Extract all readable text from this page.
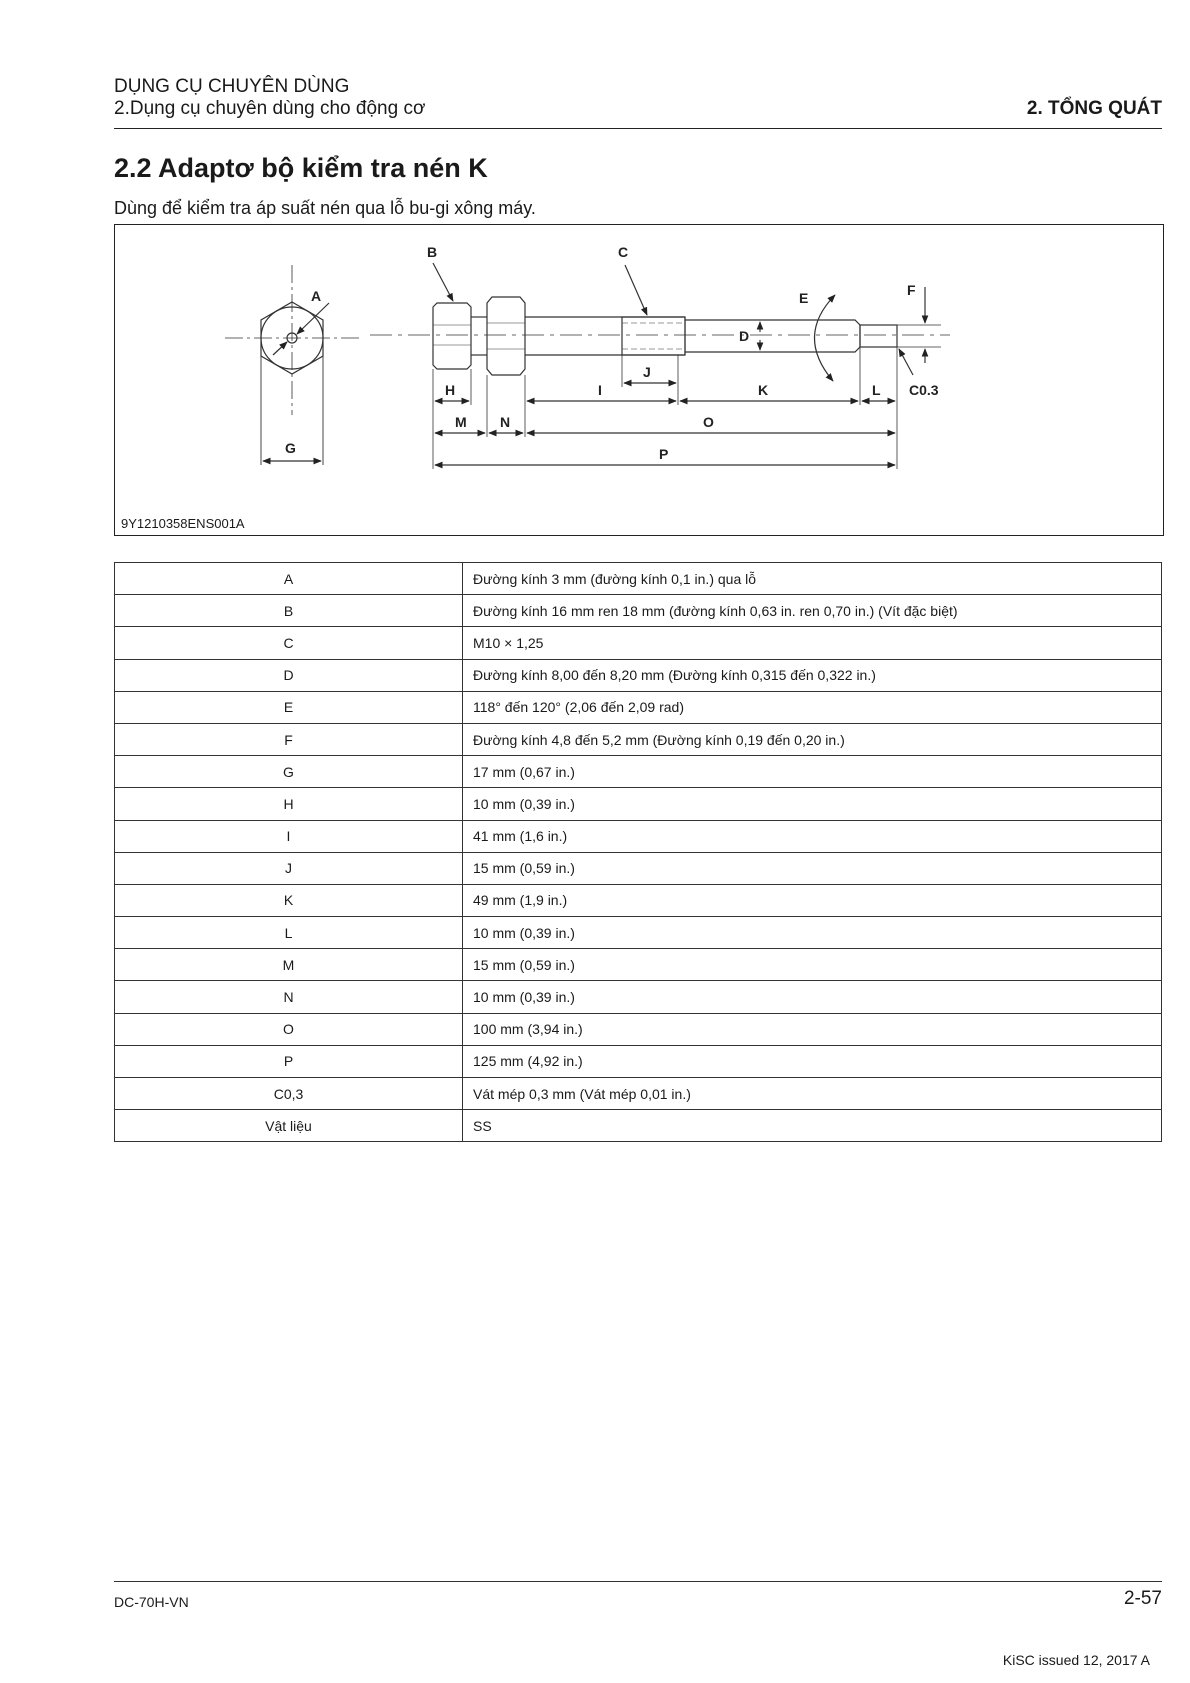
DỤNG CỤ CHUYÊN DÙNG
2.Dụng cụ chuyên dùng cho động cơ	2. TỔNG QUÁT
2.2 Adaptơ bộ kiểm tra nén K
Dùng để kiểm tra áp suất nén qua lỗ bu-gi xông máy.
A
G
B	C
D
E	F
H	I
J
K	L
M N	O
P
C0.3
9Y1210358ENS001A
A	Đường kính 3 mm (đường kính 0,1 in.) qua lỗ
B	Đường kính 16 mm ren 18 mm (đường kính 0,63 in. ren 0,70 in.) (Vít đặc biệt)
C	M10 × 1,25
D	Đường kính 8,00 đến 8,20 mm (Đường kính 0,315 đến 0,322 in.)
E	118° đến 120° (2,06 đến 2,09 rad)
F	Đường kính 4,8 đến 5,2 mm (Đường kính 0,19 đến 0,20 in.)
G	17 mm (0,67 in.)
H	10 mm (0,39 in.)
I	41 mm (1,6 in.)
J	15 mm (0,59 in.)
K	49 mm (1,9 in.)
L	10 mm (0,39 in.)
M	15 mm (0,59 in.)
N	10 mm (0,39 in.)
O	100 mm (3,94 in.)
P	125 mm (4,92 in.)
C0,3	Vát mép 0,3 mm (Vát mép 0,01 in.)
Vật liệu	SS
DC-70H-VN	2-57
KiSC issued 12, 2017 A
